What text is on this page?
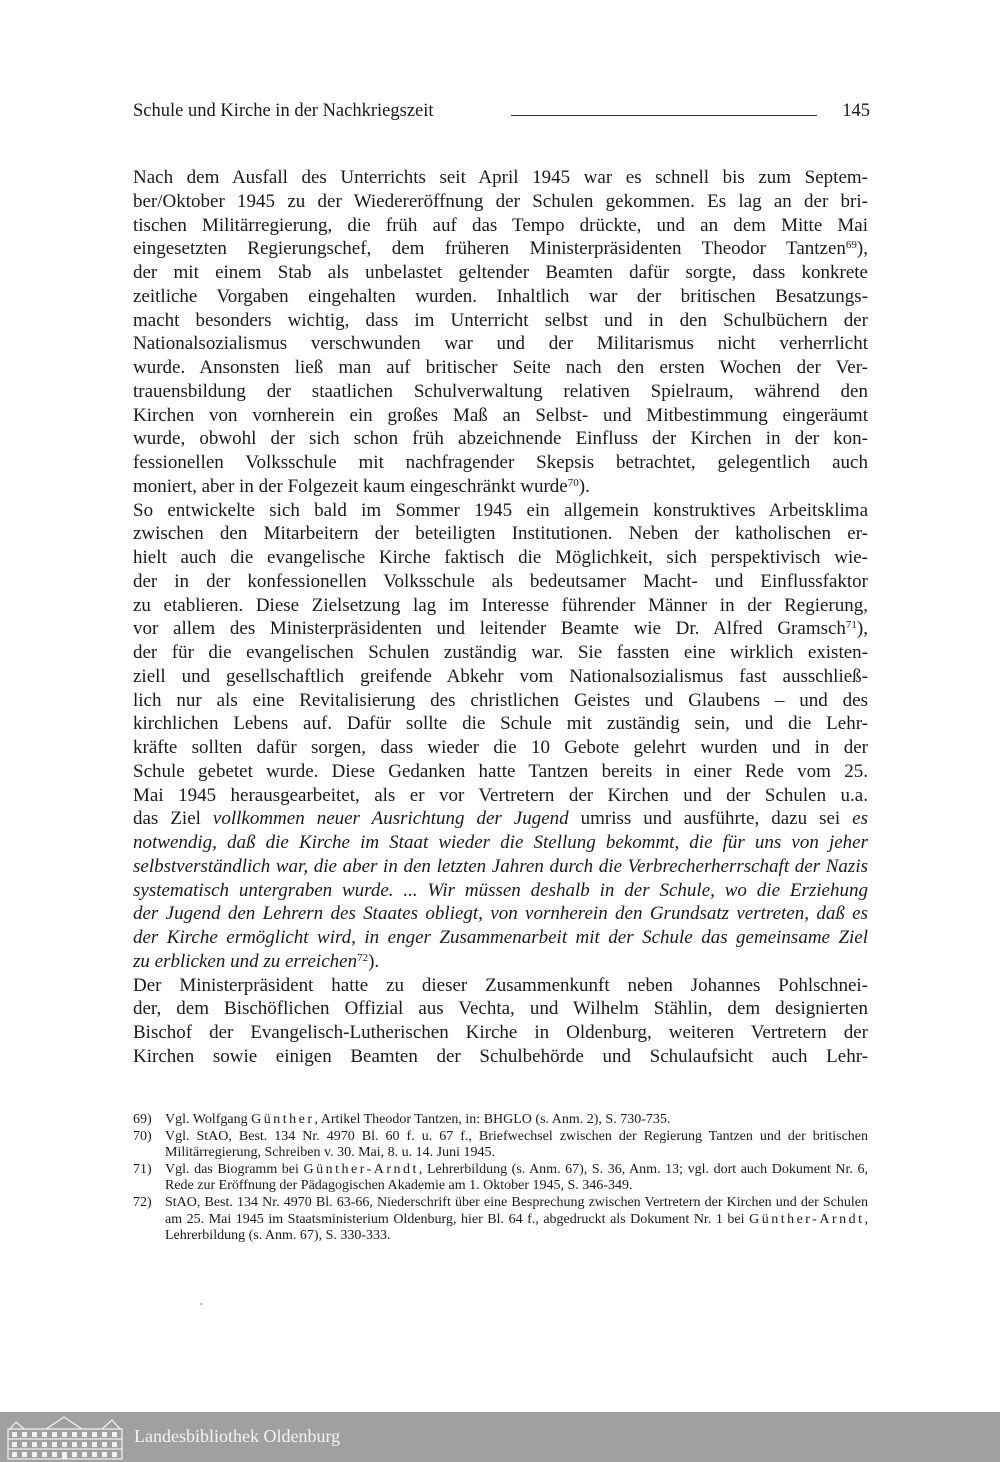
Schule und Kirche in der Nachkriegszeit	145
Nach dem Ausfall des Unterrichts seit April 1945 war es schnell bis zum Septem-
ber/Oktober 1945 zu der Wiedereröffnung der Schulen gekommen. Es lag an der bri-
tischen Militärregierung, die früh auf das Tempo drückte, und an dem Mitte Mai
eingesetzten Regierungschef, dem früheren Ministerpräsidenten Theodor Tantzen$^{69}$),
der mit einem Stab als unbelastet geltender Beamten dafür sorgte, dass konkrete
zeitliche Vorgaben eingehalten wurden. Inhaltlich war der britischen Besatzungs-
macht besonders wichtig, dass im Unterricht selbst und in den Schulbüchern der
Nationalsozialismus verschwunden war und der Militarismus nicht verherrlicht
wurde. Ansonsten ließ man auf britischer Seite nach den ersten Wochen der Ver-
trauensbildung der staatlichen Schulverwaltung relativen Spielraum, während den
Kirchen von vornherein ein großes Maß an Selbst- und Mitbestimmung eingeräumt
wurde, obwohl der sich schon früh abzeichnende Einfluss der Kirchen in der kon-
fessionellen Volksschule mit nachfragender Skepsis betrachtet, gelegentlich auch
moniert, aber in der Folgezeit kaum eingeschränkt wurde$^{70}$).
So entwickelte sich bald im Sommer 1945 ein allgemein konstruktives Arbeitsklima
zwischen den Mitarbeitern der beteiligten Institutionen. Neben der katholischen er-
hielt auch die evangelische Kirche faktisch die Möglichkeit, sich perspektivisch wie-
der in der konfessionellen Volksschule als bedeutsamer Macht- und Einflussfaktor
zu etablieren. Diese Zielsetzung lag im Interesse führender Männer in der Regierung,
vor allem des Ministerpräsidenten und leitender Beamte wie Dr. Alfred Gramsch$^{71}$),
der für die evangelischen Schulen zuständig war. Sie fassten eine wirklich existen-
ziell und gesellschaftlich greifende Abkehr vom Nationalsozialismus fast ausschließ-
lich nur als eine Revitalisierung des christlichen Geistes und Glaubens – und des
kirchlichen Lebens auf. Dafür sollte die Schule mit zuständig sein, und die Lehr-
kräfte sollten dafür sorgen, dass wieder die 10 Gebote gelehrt wurden und in der
Schule gebetet wurde. Diese Gedanken hatte Tantzen bereits in einer Rede vom 25.
Mai 1945 herausgearbeitet, als er vor Vertretern der Kirchen und der Schulen u.a.
das Ziel vollkommen neuer Ausrichtung der Jugend umriss und ausführte, dazu sei es
notwendig, daß die Kirche im Staat wieder die Stellung bekommt, die für uns von jeher
selbstverständlich war, die aber in den letzten Jahren durch die Verbrecherherrschaft der Nazis
systematisch untergraben wurde. ... Wir müssen deshalb in der Schule, wo die Erziehung
der Jugend den Lehrern des Staates obliegt, von vornherein den Grundsatz vertreten, daß es
der Kirche ermöglicht wird, in enger Zusammenarbeit mit der Schule das gemeinsame Ziel
zu erblicken und zu erreichen$^{72}$).
Der Ministerpräsident hatte zu dieser Zusammenkunft neben Johannes Pohlschnei-
der, dem Bischöflichen Offizial aus Vechta, und Wilhelm Stählin, dem designierten
Bischof der Evangelisch-Lutherischen Kirche in Oldenburg, weiteren Vertretern der
Kirchen sowie einigen Beamten der Schulbehörde und Schulaufsicht auch Lehr-
69) Vgl. Wolfgang Günther, Artikel Theodor Tantzen, in: BHGLO (s. Anm. 2), S. 730-735.
70) Vgl. StAO, Best. 134 Nr. 4970 Bl. 60 f. u. 67 f., Briefwechsel zwischen der Regierung Tantzen und der britischen Militärregierung, Schreiben v. 30. Mai, 8. u. 14. Juni 1945.
71) Vgl. das Biogramm bei Günther-Arndt, Lehrerbildung (s. Anm. 67), S. 36, Anm. 13; vgl. dort auch Dokument Nr. 6, Rede zur Eröffnung der Pädagogischen Akademie am 1. Oktober 1945, S. 346-349.
72) StAO, Best. 134 Nr. 4970 Bl. 63-66, Niederschrift über eine Besprechung zwischen Vertretern der Kirchen und der Schulen am 25. Mai 1945 im Staatsministerium Oldenburg, hier Bl. 64 f., abgedruckt als Dokument Nr. 1 bei Günther-Arndt, Lehrerbildung (s. Anm. 67), S. 330-333.
Landesbibliothek Oldenburg
